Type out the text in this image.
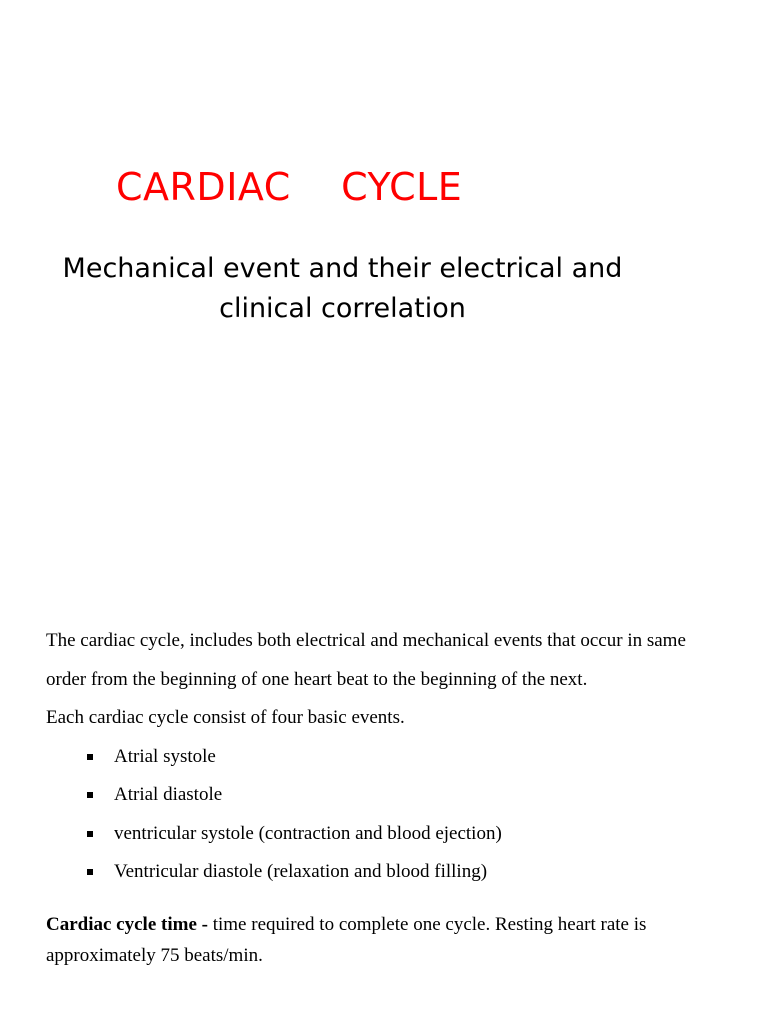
CARDIAC    CYCLE

Mechanical event and their electrical and clinical correlation

The cardiac cycle, includes both electrical and mechanical events that occur in same order from the beginning of one heart beat to the beginning of the next.

Each cardiac cycle consist of four basic events.

Atrial systole
Atrial diastole
ventricular systole (contraction and blood ejection)
Ventricular diastole (relaxation and blood filling)

Cardiac cycle time - time required to complete one cycle. Resting heart rate is approximately 75 beats/min.
